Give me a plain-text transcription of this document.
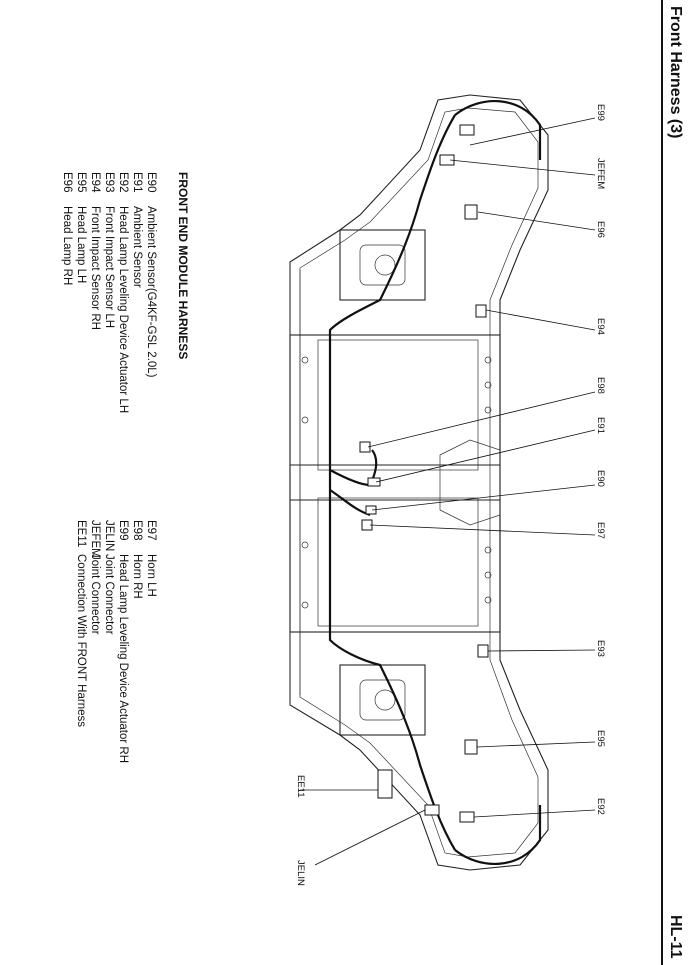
Front Harness (3)
HL-11
FRONT END MODULE HARNESS
E90Ambient Sensor(G4KF-GSL 2.0L)
E91Ambient Sensor
E92Head Lamp Leveling Device Actuator LH
E93Front Impact Sensor LH
E94Front Impact Sensor RH
E95Head Lamp LH
E96Head Lamp RH
E97Horn LH
E98Horn RH
E99Head Lamp Leveling Device Actuator RH
JELINJoint Connector
JEFEMJoint Connector
EE11Connection With FRONT Harness
E99
JEFEM
E96
E94
E98
E91
E90
E97
E93
E95
E92
EE11
JELIN
